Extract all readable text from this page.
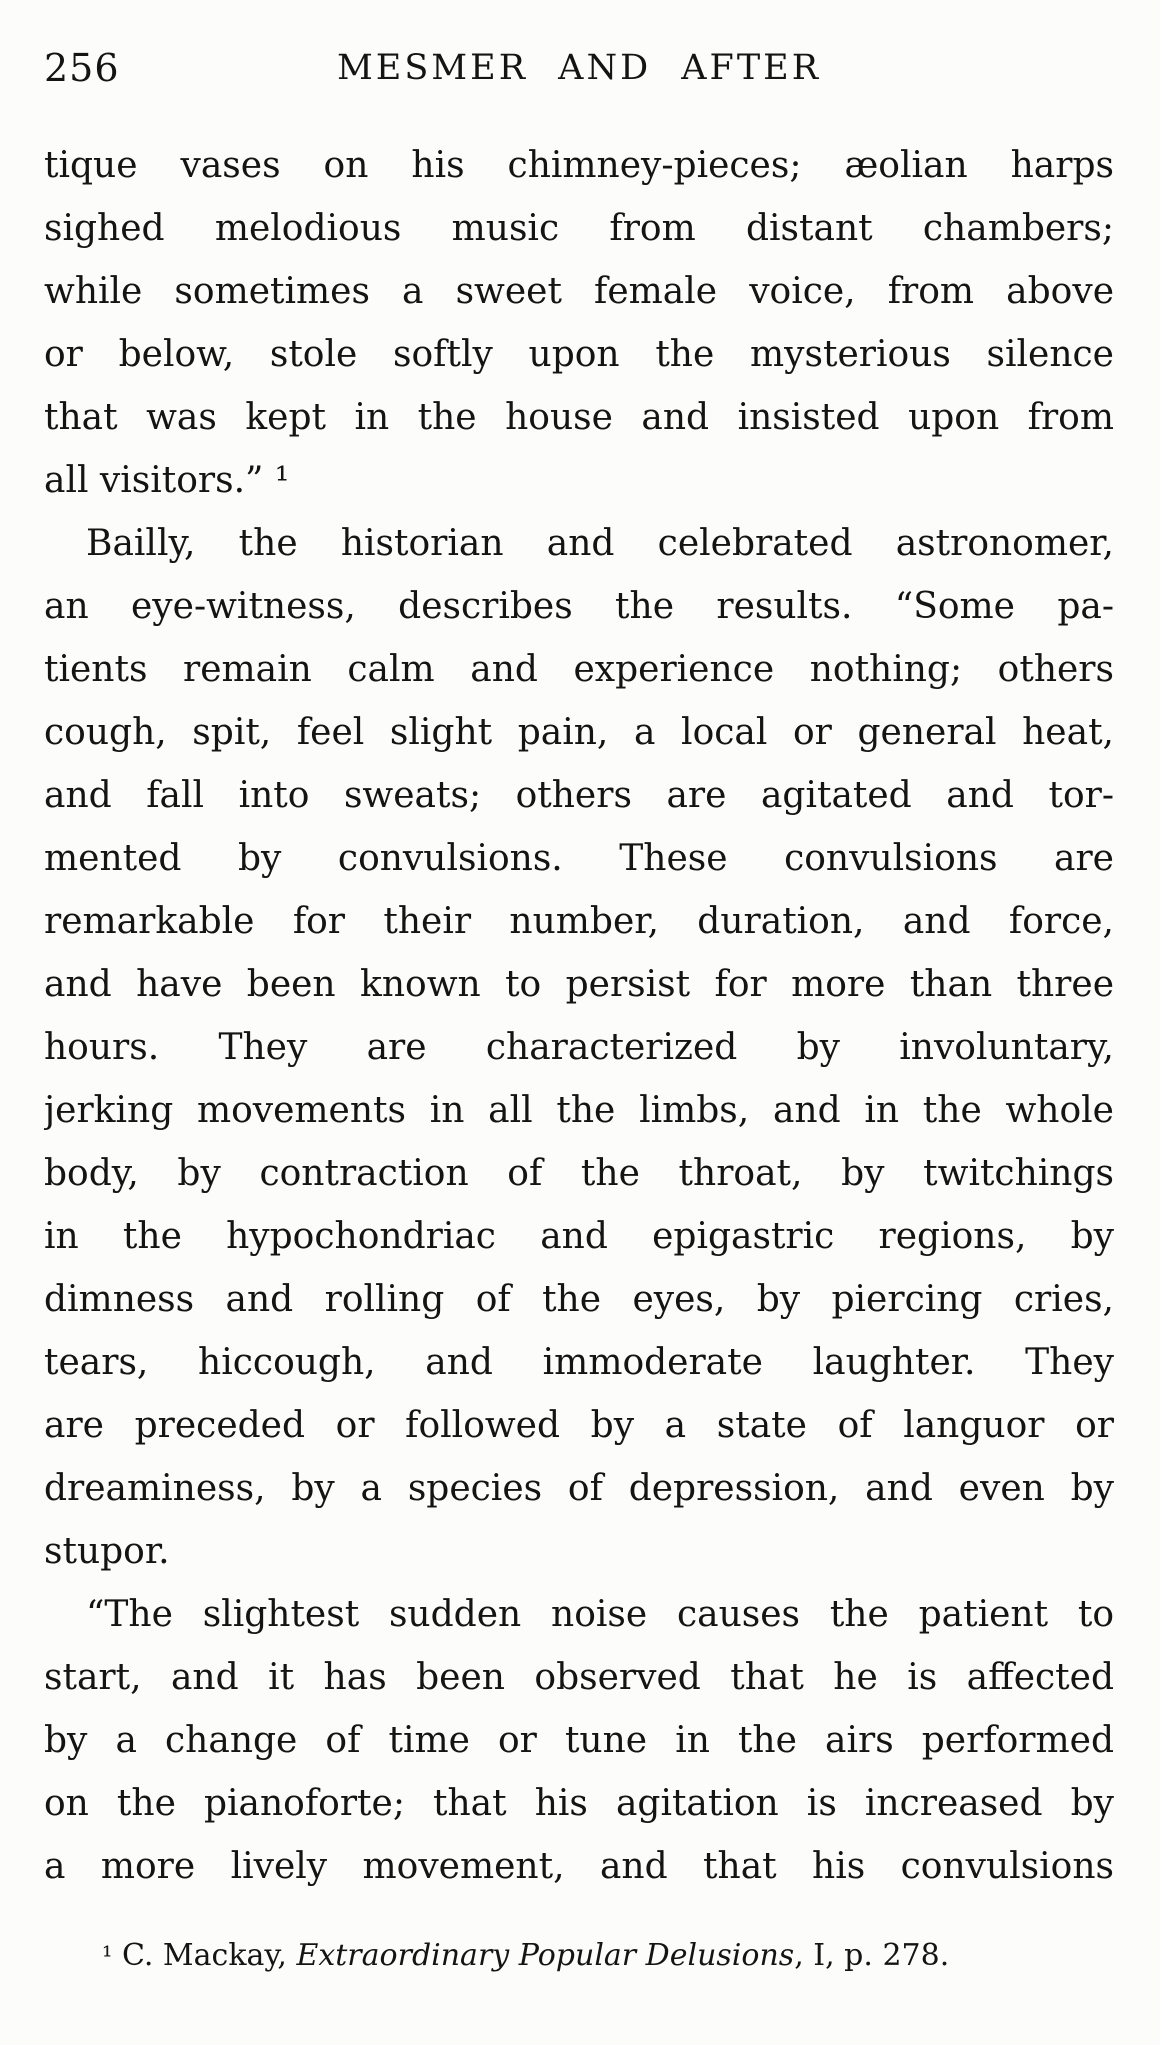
256	MESMER AND AFTER
tique vases on his chimney-pieces; æolian harps
sighed melodious music from distant chambers;
while sometimes a sweet female voice, from above
or below, stole softly upon the mysterious silence
that was kept in the house and insisted upon from
all visitors.” ¹
Bailly, the historian and celebrated astronomer,
an eye-witness, describes the results. “Some pa-
tients remain calm and experience nothing; others
cough, spit, feel slight pain, a local or general heat,
and fall into sweats; others are agitated and tor-
mented by convulsions. These convulsions are
remarkable for their number, duration, and force,
and have been known to persist for more than three
hours. They are characterized by involuntary,
jerking movements in all the limbs, and in the whole
body, by contraction of the throat, by twitchings
in the hypochondriac and epigastric regions, by
dimness and rolling of the eyes, by piercing cries,
tears, hiccough, and immoderate laughter. They
are preceded or followed by a state of languor or
dreaminess, by a species of depression, and even by
stupor.
“The slightest sudden noise causes the patient to
start, and it has been observed that he is affected
by a change of time or tune in the airs performed
on the pianoforte; that his agitation is increased by
a more lively movement, and that his convulsions
¹ C. Mackay, Extraordinary Popular Delusions, I, p. 278.
